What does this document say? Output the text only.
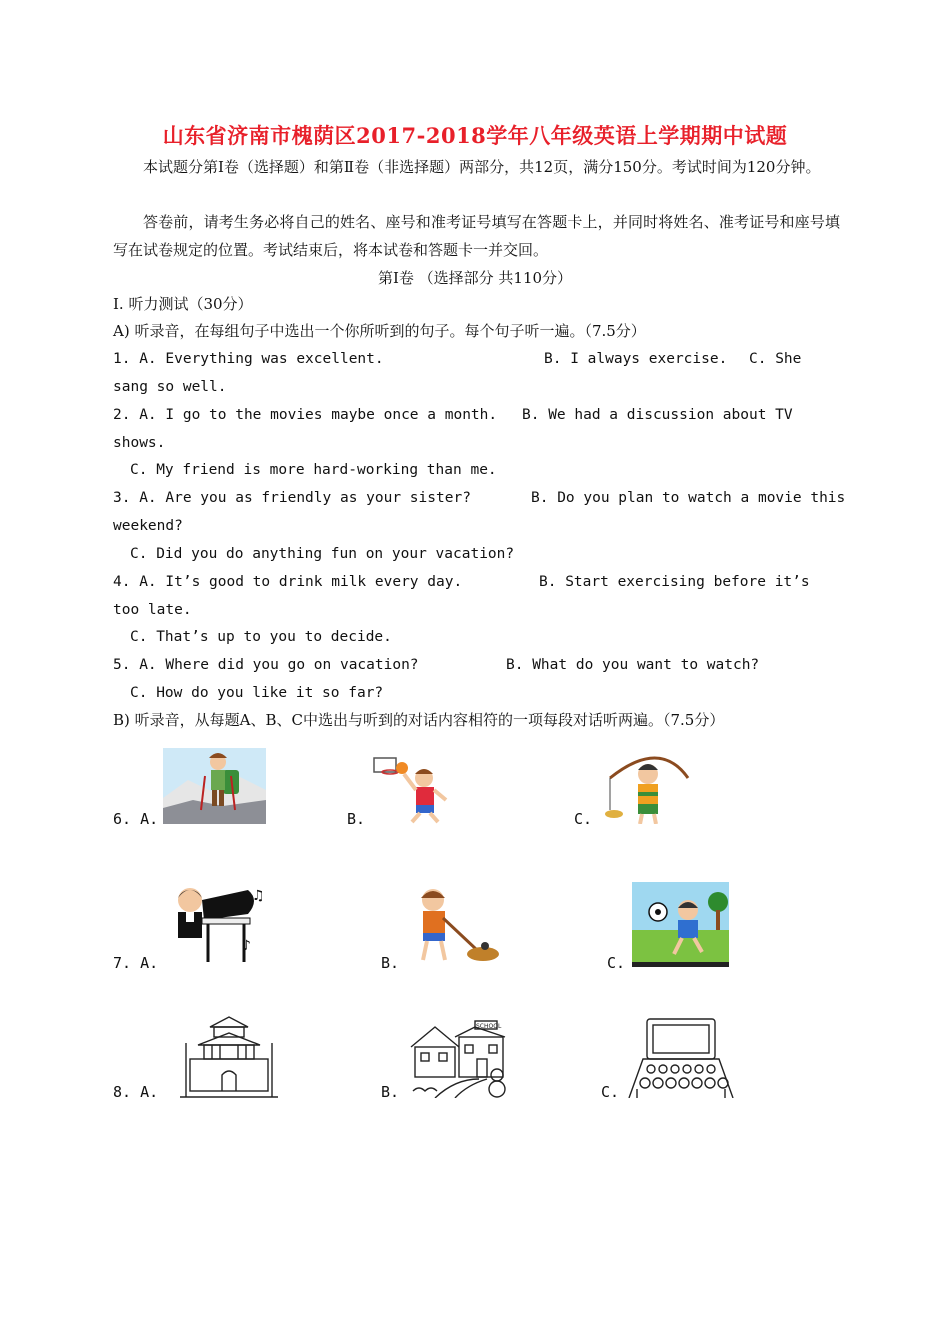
山东省济南市槐荫区2017-2018学年八年级英语上学期期中试题

本试题分第Ⅰ卷（选择题）和第Ⅱ卷（非选择题）两部分，共12页，满分150分。考试时间为120分钟。

答卷前，请考生务必将自己的姓名、座号和准考证号填写在答题卡上，并同时将姓名、准考证号和座号填写在试卷规定的位置。考试结束后，将本试卷和答题卡一并交回。

第Ⅰ卷 （选择部分 共110分）
I. 听力测试（30分）
A) 听录音，在每组句子中选出一个你所听到的句子。每个句子听一遍。（7.5分）
1. A. Everything was excellent.	B. I always exercise. C. She
sang so well.
2. A. I go to the movies maybe once a month. B. We had a discussion about TV
shows.
C. My friend is more hard-working than me.
3. A. Are you as friendly as your sister?	B. Do you plan to watch a movie this
weekend?
C. Did you do anything fun on your vacation?
4. A. It’s good to drink milk every day.	B. Start exercising before it’s
too late.
C. That’s up to you to decide.
5. A. Where did you go on vacation?	B. What do you want to watch?
C. How do you like it so far?
B) 听录音，从每题A、B、C中选出与听到的对话内容相符的一项每段对话听两遍。（7.5分）
6. A.	B.	C.
7. A.	B.	C.
♫
♪
8. A.	B.	C.
SCHOOL
